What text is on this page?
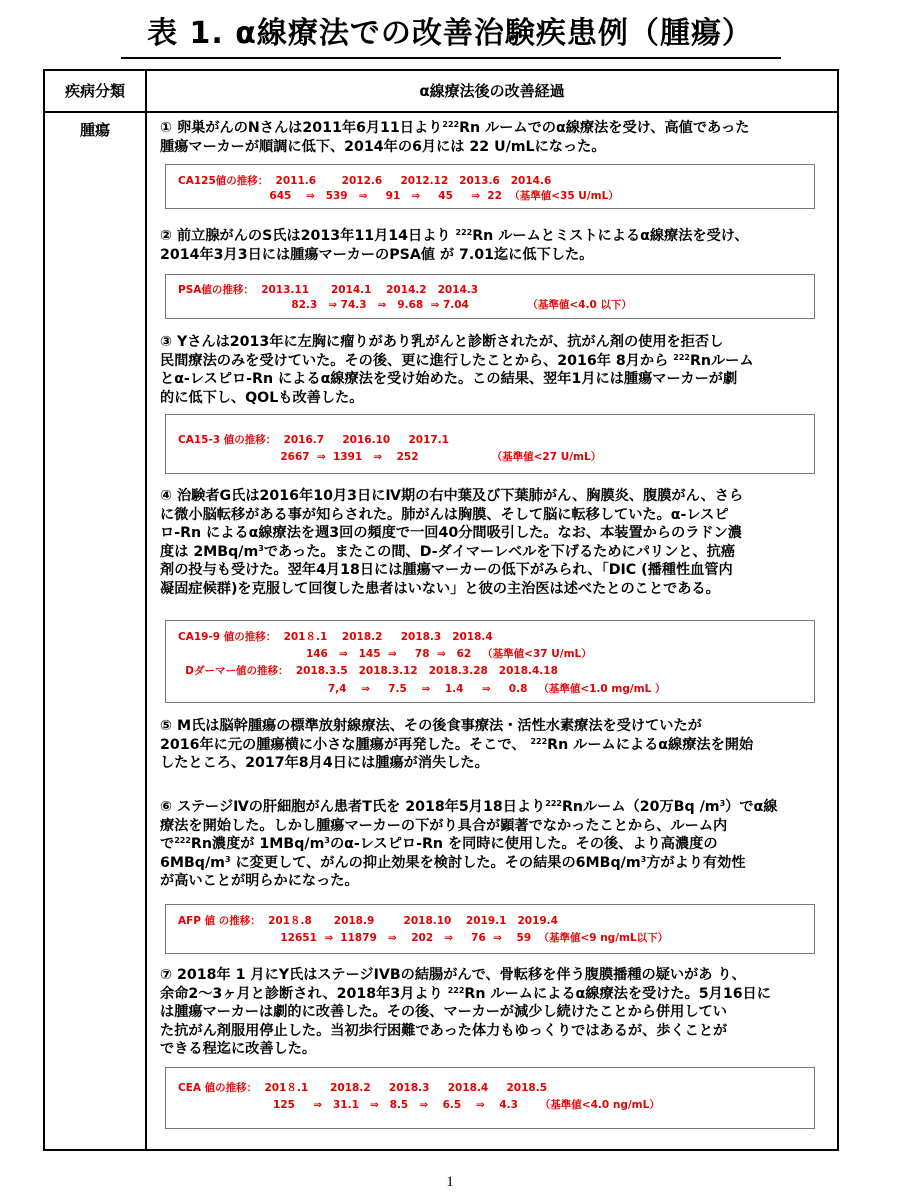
表 1. α線療法での改善治験疾患例（腫瘍）
疾病分類	α線療法後の改善経過
腫瘍	① 卵巣がんのNさんは2011年6月11日より$^{222}$Rn ルームでのα線療法を受け、高値であった
腫瘍マーカーが順調に低下、2014年の6月には 22 U/mLになった。
CA125値の推移：  2011.6       2012.6     2012.12   2013.6   2014.6
645    ⇒   539   ⇒     91   ⇒     45     ⇒  22  （基準値<35 U/mL）
② 前立腺がんのS氏は2013年11月14日より $^{222}$Rn ルームとミストによるα線療法を受け、
2014年3月3日には腫瘍マーカーのPSA値 が 7.01迄に低下した。
PSA値の推移：  2013.11      2014.1    2014.2   2014.3
82.3   ⇒ 74.3   ⇒   9.68  ⇒ 7.04                （基準値<4.0 以下）
③ Yさんは2013年に左胸に瘤りがあり乳がんと診断されたが、抗がん剤の使用を拒否し
民間療法のみを受けていた。その後、更に進行したことから、2016年 8月から $^{222}$Rnルーム
とα-レスピロ-Rn によるα線療法を受け始めた。この結果、翌年1月には腫瘍マーカーが劇
的に低下し、QOLも改善した。
CA15-3 値の推移：  2016.7     2016.10     2017.1
2667  ⇒  1391   ⇒    252                    （基準値<27 U/mL）
④ 治験者G氏は2016年10月3日にⅣ期の右中葉及び下葉肺がん、胸膜炎、腹膜がん、さら
に微小脳転移がある事が知らされた。肺がんは胸膜、そして脳に転移していた。α-レスピ
ロ-Rn によるα線療法を週3回の頻度で一回40分間吸引した。なお、本装置からのラドン濃
度は $2MBq/m^3$であった。またこの間、D-ダイマーレベルを下げるためにパリンと、抗癌
剤の投与も受けた。翌年4月18日には腫瘍マーカーの低下がみられ、「DIC (播種性血管内
凝固症候群)を克服して回復した患者はいない」と彼の主治医は述べたとのことである。
CA19-9 値の推移：  201８.1    2018.2     2018.3   2018.4
146   ⇒   145  ⇒     78  ⇒   62   （基準値<37 U/mL）
Dダーマー値の推移：  2018.3.5   2018.3.12   2018.3.28   2018.4.18
7,4    ⇒     7.5    ⇒    1.4     ⇒     0.8   （基準値<1.0 mg/mL ）
⑤ M氏は脳幹腫瘍の標準放射線療法、その後食事療法・活性水素療法を受けていたが
2016年に元の腫瘍横に小さな腫瘍が再発した。そこで、 $^{222}$Rn ルームによるα線療法を開始
したところ、2017年8月4日には腫瘍が消失した。
⑥ ステージⅣの肝細胞がん患者T氏を 2018年5月18日より$^{222}$Rnルーム（20万Bq $/m^3$）でα線
療法を開始した。しかし腫瘍マーカーの下がり具合が顕著でなかったことから、ルーム内
で$^{222}$Rn濃度が $1MBq/m^3$のα-レスピロ-Rn を同時に使用した。その後、より高濃度の
$6MBq/m^3$ に変更して、がんの抑止効果を検討した。その結果の$6MBq/m^3$方がより有効性
が高いことが明らかになった。
AFP 値 の推移：  201８.8      2018.9        2018.10    2019.1   2019.4
12651  ⇒  11879   ⇒    202   ⇒     76  ⇒    59  （基準値<9 ng/mL以下）
⑦ 2018年 1 月にY氏はステージIVBの結腸がんで、骨転移を伴う腹膜播種の疑いがあ り、
余命2〜3ヶ月と診断され、2018年3月より $^{222}$Rn ルームによるα線療法を受けた。5月16日に
は腫瘍マーカーは劇的に改善した。その後、マーカーが減少し続けたことから併用してい
た抗がん剤服用停止した。当初歩行困難であった体力もゆっくりではあるが、歩くことが
できる程迄に改善した。
CEA 値の推移：  201８.1      2018.2     2018.3     2018.4     2018.5
125     ⇒   31.1   ⇒   8.5   ⇒    6.5    ⇒    4.3      （基準値<4.0 ng/mL）
1
